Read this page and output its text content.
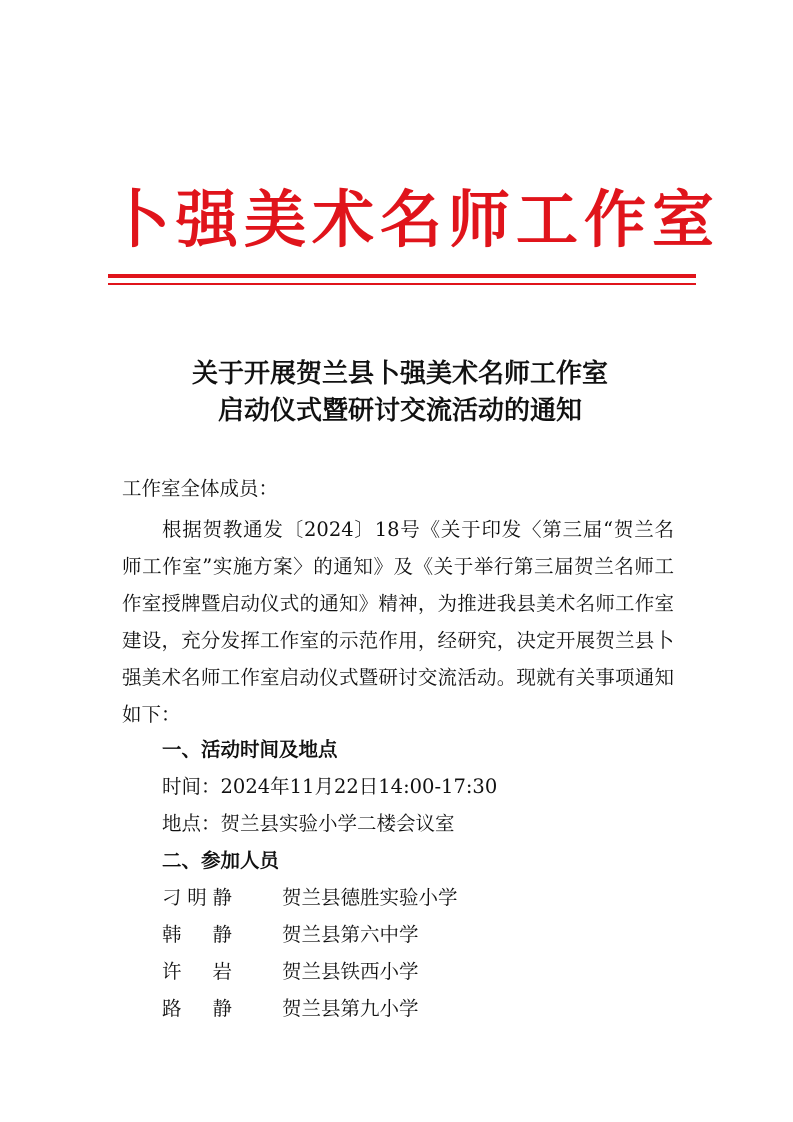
卜强美术名师工作室
关于开展贺兰县卜强美术名师工作室
启动仪式暨研讨交流活动的通知
工作室全体成员：
根据贺教通发〔2024〕18号《关于印发〈第三届“贺兰名师工作室”实施方案〉的通知》及《关于举行第三届贺兰名师工作室授牌暨启动仪式的通知》精神，为推进我县美术名师工作室建设，充分发挥工作室的示范作用，经研究，决定开展贺兰县卜强美术名师工作室启动仪式暨研讨交流活动。现就有关事项通知如下：
一、活动时间及地点
时间：2024年11月22日14:00-17:30
地点：贺兰县实验小学二楼会议室
二、参加人员
刁 明 静	贺兰县德胜实验小学
韩 静	贺兰县第六中学
许 岩	贺兰县铁西小学
路 静	贺兰县第九小学
